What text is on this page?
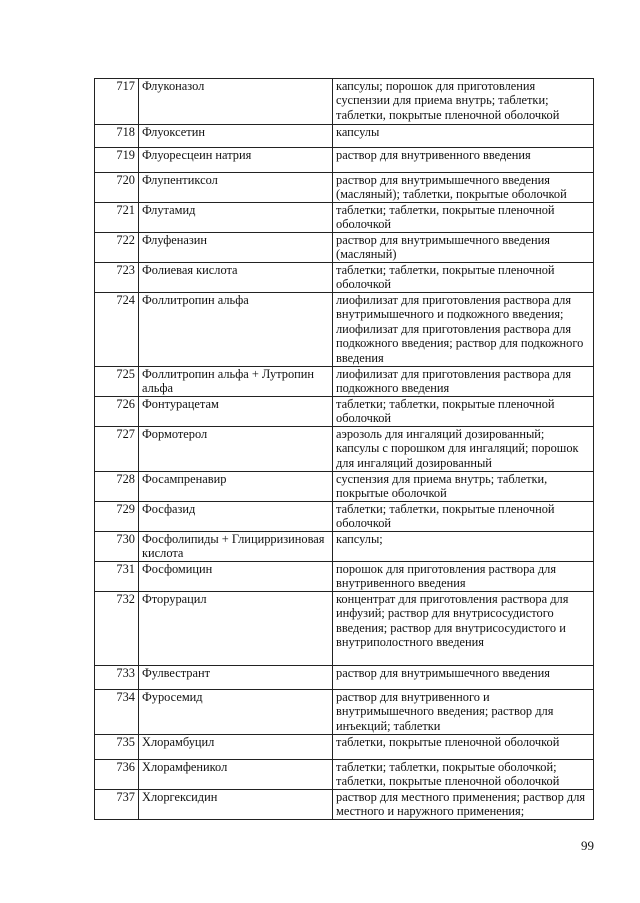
717	Флуконазол	капсулы; порошок для приготовления суспензии для приема внутрь; таблетки; таблетки, покрытые пленочной оболочкой
718	Флуоксетин	капсулы
719	Флуоресцеин натрия	раствор для внутривенного введения
720	Флупентиксол	раствор для внутримышечного введения (масляный); таблетки, покрытые оболочкой
721	Флутамид	таблетки; таблетки, покрытые пленочной оболочкой
722	Флуфеназин	раствор для внутримышечного введения (масляный)
723	Фолиевая кислота	таблетки; таблетки, покрытые пленочной оболочкой
724	Фоллитропин альфа	лиофилизат для приготовления раствора для внутримышечного и подкожного введения; лиофилизат для приготовления раствора для подкожного введения; раствор для подкожного введения
725	Фоллитропин альфа + Лутропин альфа	лиофилизат для приготовления раствора для подкожного введения
726	Фонтурацетам	таблетки; таблетки, покрытые пленочной оболочкой
727	Формотерол	аэрозоль для ингаляций дозированный; капсулы с порошком для ингаляций; порошок для ингаляций дозированный
728	Фосампренавир	суспензия для приема внутрь; таблетки, покрытые оболочкой
729	Фосфазид	таблетки; таблетки, покрытые пленочной оболочкой
730	Фосфолипиды + Глицирризиновая кислота	капсулы;
731	Фосфомицин	порошок для приготовления раствора для внутривенного введения
732	Фторурацил	концентрат для приготовления раствора для инфузий; раствор для внутрисосудистого введения; раствор для внутрисосудистого и внутриполостного введения
733	Фулвестрант	раствор для внутримышечного введения
734	Фуросемид	раствор для внутривенного и внутримышечного введения; раствор для инъекций; таблетки
735	Хлорамбуцил	таблетки, покрытые пленочной оболочкой
736	Хлорамфеникол	таблетки; таблетки, покрытые оболочкой; таблетки, покрытые пленочной оболочкой
737	Хлоргексидин	раствор для местного применения; раствор для местного и наружного применения;
99
